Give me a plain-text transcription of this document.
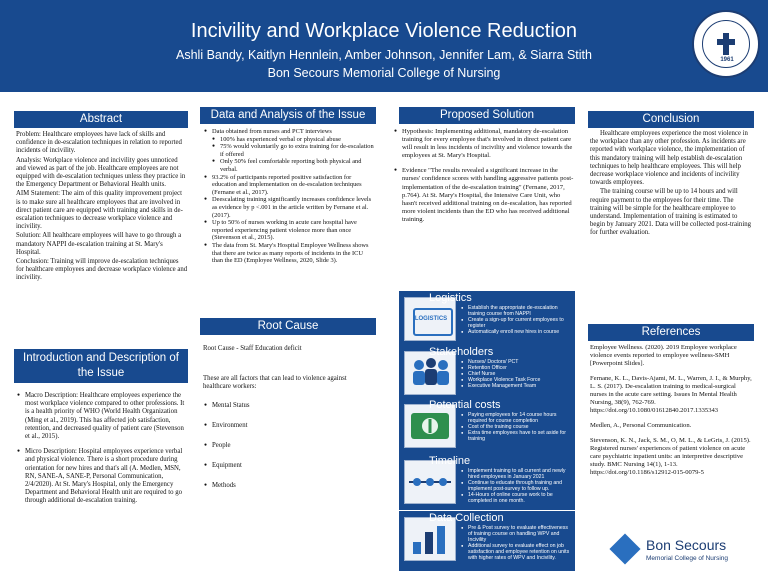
Incivility and Workplace Violence Reduction
Ashli Bandy, Kaitlyn Hennlein, Amber Johnson, Jennifer Lam, & Siarra Stith
Bon Secours Memorial College of Nursing
1961
Abstract

Problem: Healthcare employees have lack of skills and confidence in de-escalation techniques in relation to reported incidents of incivility.

Analysis: Workplace violence and incivility goes unnoticed and viewed as part of the job. Healthcare employees are not equipped with de-escalation techniques unless they practice in the Emergency Department or Behavioral Health units.

AIM Statement: The aim of this quality improvement project is to make sure all healthcare employees that are involved in direct patient care are equipped with training and skills in de-escalation techniques to decrease workplace violence and incivility.

Solution: All healthcare employees will have to go through a mandatory NAPPI de-escalation training at St. Mary's Hospital.

Conclusion: Training will improve de-escalation techniques for healthcare employees and decrease workplace violence and incivility.

Introduction and Description of the Issue
● Macro Description: Healthcare employees experience the most workplace violence compared to other professions. It is a health priority of WHO (World Health Organization (Ming et al., 2019). This has affected job satisfaction, retention, and decreased quality of patient care (Stevenson et al., 2015).
● Micro Description: Hospital employees experience verbal and physical violence. There is a short procedure during orientation for new hires and that's all (A. Medlen, MSN, RN, SANE-A, SANE-P, Personal Communication, 2/4/2020). At St. Mary's Hospital, only the Emergency Department and Behavioral Health unit are required to go through additional de-escalation training.
Data and Analysis of the Issue
● Data obtained from nurses and PCT interviews
● 100% has experienced verbal or physical abuse
● 75% would voluntarily go to extra training for de-escalation if offered
● Only 50% feel comfortable reporting both physical and verbal.
● 93.2% of participants reported positive satisfaction for education and implementation on de-escalation techniques (Fernane et al., 2017).
● Deescalating training significantly increases confidence levels as evidence by p <.001 in the article written by Fernane et al. (2017).
● Up to 50% of nurses working in acute care hospital have reported experiencing patient violence more than once (Stevenson et al., 2015).
● The data from St. Mary's Hospital Employee Wellness shows that there are twice as many reports of incidents in the ICU than the ED (Employee Wellness, 2020, Slide 3).
Root Cause

Root Cause - Staff Education deficit

These are all factors that can lead to violence against healthcare workers:

● Mental Status
● Environment
● People
● Equipment
● Methods
Proposed Solution
● Hypothesis: Implementing additional, mandatory de-escalation training for every employee that's involved in direct patient care will result in less incidents of incivility and violence towards the employees at St. Mary's Hospital.
● Evidence "The results revealed a significant increase in the nurses' confidence scores with handling aggressive patients post-implementation of the de-escalation training" (Fernane, 2017, p.764). At St. Mary's Hospital, the Intensive Care Unit, who hasn't received additional training on de-escalation, has reported more violent incidents than the ED who has received additional training.
LOGISTICS
Logistics
● Establish the appropriate de-escalation training course from NAPPI
● Create a sign-up for current employees to register
● Automatically enroll new hires in course
Stakeholders
● Nurses/ Doctors/ PCT
● Retention Officer
● Chief Nurse
● Workplace Violence Task Force
● Executive Management Team
Potential costs
● Paying employees for 14 course hours required for course completion
● Cost of the training course
● Extra time employees have to set aside for training
Timeline
● Implement training to all current and newly hired employees in January 2021
● Continue to educate through training and implement post-survey to follow up.
● 14-Hours of online course work to be completed in one month.
Data Collection
● Pre & Post survey to evaluate effectiveness of training course on handling WPV and Incivility
● Additional survey to evaluate effect on job satisfaction and employee retention on units with higher rates of WPV and Incivility.
Conclusion

Healthcare employees experience the most violence in the workplace than any other profession. As incidents are reported with workplace violence, the implementation of this mandatory training will help establish de-escalation techniques to help healthcare employees. This will help decrease workplace violence and incidents of incivility towards employees.

The training course will be up to 14 hours and will require payment to the employees for their time. The training will be simple for the healthcare employee to understand. Implementation of training is estimated to begin by January 2021. Data will be collected post-training for further evaluation.

References

Employee Wellness. (2020). 2019 Employee workplace violence events reported to employee wellness-SMH [Powerpoint Slides].

Fernane, K. L., Davis-Ajami, M. L., Warren, J. I., & Murphy, L. S. (2017). De-escalation training to medical-surgical nurses in the acute care setting. Issues In Mental Health Nursing, 38(9), 762-769. https://doi.org/10.1080/01612840.2017.1335343

Medlen, A., Personal Communication.

Stevenson, K. N., Jack, S. M., O, M. L., & LeGris, J. (2015). Registered nurses' experiences of patient violence on acute care psychiatric inpatient units: an interpretive descriptive study. BMC Nursing 14(1), 1-13. https://doi.org/10.1186/s12912-015-0079-5

Bon Secours
Memorial College of Nursing
